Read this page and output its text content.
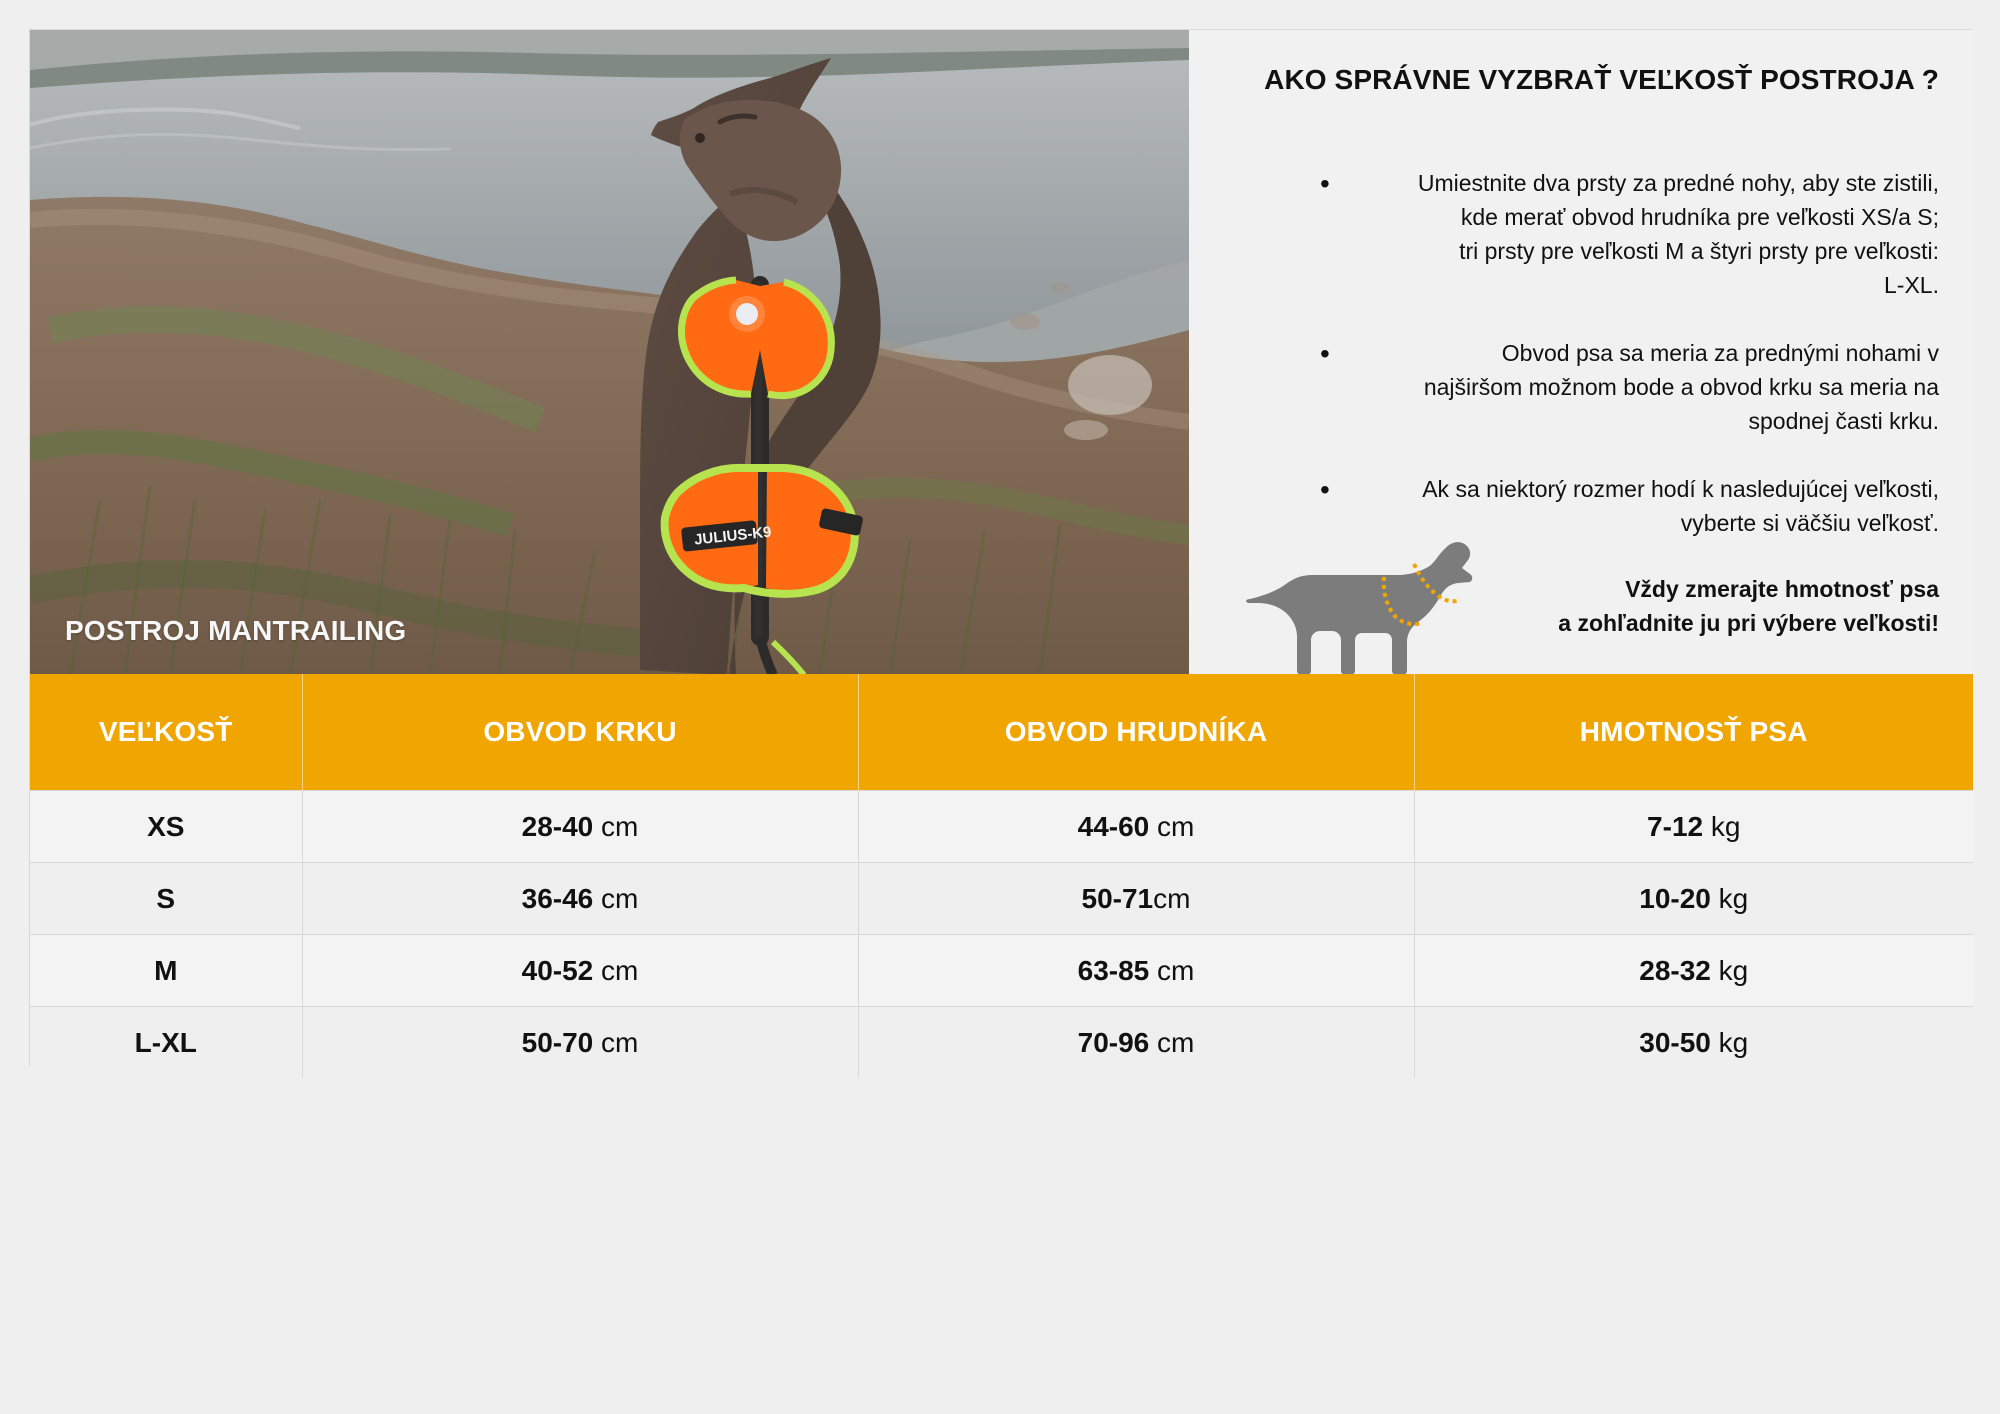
JULIUS-K9
POSTROJ MANTRAILING
AKO SPRÁVNE VYZBRAŤ VEĽKOSŤ POSTROJA ?
•	Umiestnite dva prsty za predné nohy, aby ste zistili,
kde merať obvod hrudníka pre veľkosti XS/a S;
tri prsty pre veľkosti M a štyri prsty pre veľkosti:
L-XL.
•	Obvod psa sa meria za prednými nohami v
najširšom možnom bode a obvod krku sa meria na
spodnej časti krku.
•	Ak sa niektorý rozmer hodí k nasledujúcej veľkosti,
vyberte si väčšiu veľkosť.
Vždy zmerajte hmotnosť psa
a zohľadnite ju pri výbere veľkosti!
VEĽKOSŤ	OBVOD KRKU	OBVOD HRUDNÍKA	HMOTNOSŤ PSA
XS	28-40 cm	44-60 cm	7-12 kg
S	36-46 cm	50-71cm	10-20 kg
M	40-52 cm	63-85 cm	28-32 kg
L-XL	50-70 cm	70-96 cm	30-50 kg
